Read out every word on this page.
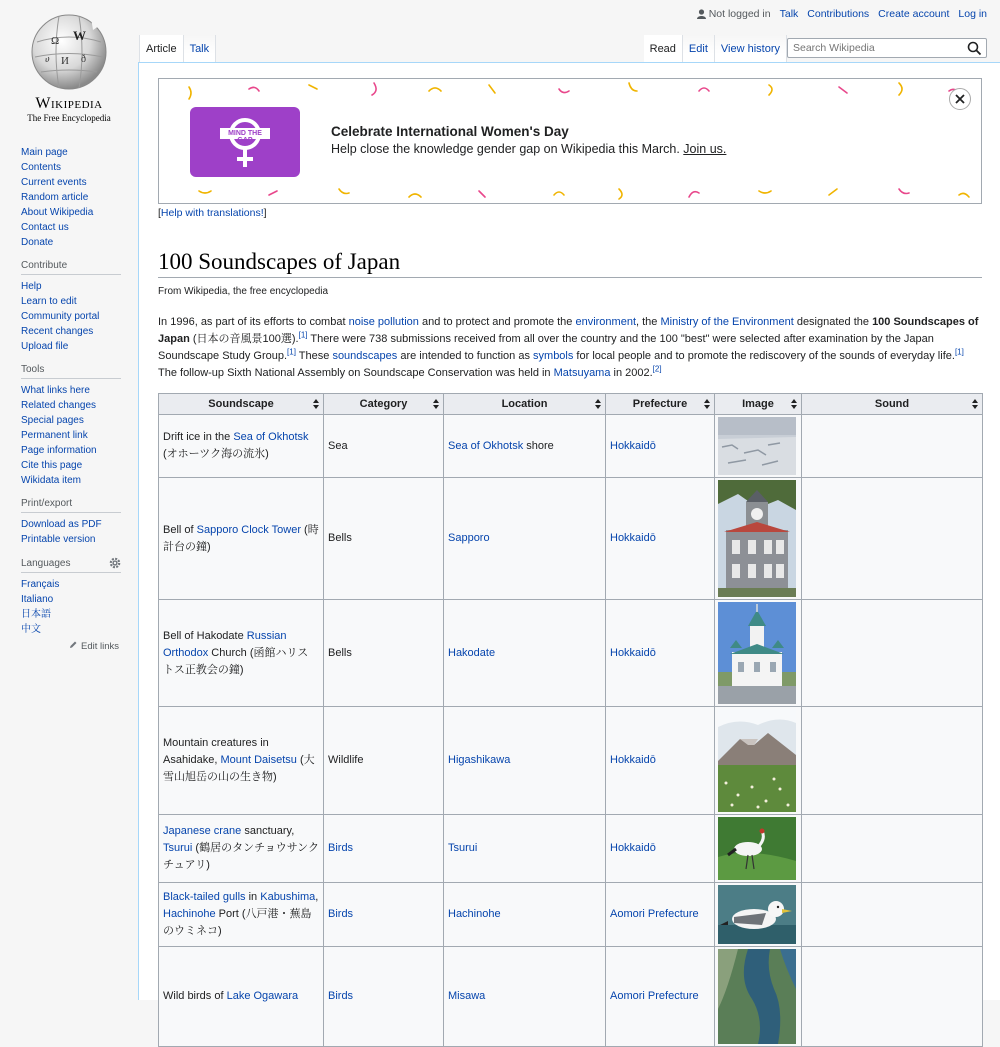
Not logged in Talk Contributions Create account Log in
Ω W
И ð
ሀ
Wikipedia
The Free Encyclopedia
Main page
Contents
Current events
Random article
About Wikipedia
Contact us
Donate
Contribute
Help
Learn to edit
Community portal
Recent changes
Upload file
Tools
What links here
Related changes
Special pages
Permanent link
Page information
Cite this page
Wikidata item
Print/export
Download as PDF
Printable version
Languages
Français
Italiano
日本語
中文
Edit links
Article	Talk	Read	Edit	View history
Search Wikipedia
MIND THE GAP
Celebrate International Women's Day
Help close the knowledge gender gap on Wikipedia this March. Join us.
[Help with translations!]
100 Soundscapes of Japan
From Wikipedia, the free encyclopedia

In 1996, as part of its efforts to combat noise pollution and to protect and promote the environment, the Ministry of the Environment designated the 100 Soundscapes of Japan (日本の音風景100選).[1] There were 738 submissions received from all over the country and the 100 "best" were selected after examination by the Japan Soundscape Study Group.[1] These soundscapes are intended to function as symbols for local people and to promote the rediscovery of the sounds of everyday life.[1] The follow-up Sixth National Assembly on Soundscape Conservation was held in Matsuyama in 2002.[2]

Soundscape	Category	Location	Prefecture	Image	Sound

Drift ice in the Sea of Okhotsk (オホーツク海の流氷)	Sea	Sea of Okhotsk shore	Hokkaidō	

Bell of Sapporo Clock Tower (時計台の鐘)	Bells	Sapporo	Hokkaidō	

Bell of Hakodate Russian Orthodox Church (函館ハリストス正教会の鐘)	Bells	Hakodate	Hokkaidō	

Mountain creatures in Asahidake, Mount Daisetsu (大雪山旭岳の山の生き物)	Wildlife	Higashikawa	Hokkaidō	

Japanese crane sanctuary, Tsurui (鶴居のタンチョウサンクチュアリ)	Birds	Tsurui	Hokkaidō	

Black-tailed gulls in Kabushima, Hachinohe Port (八戸港・蕪島のウミネコ)	Birds	Hachinohe	Aomori Prefecture	

Wild birds of Lake Ogawara	Birds	Misawa	Aomori Prefecture	
